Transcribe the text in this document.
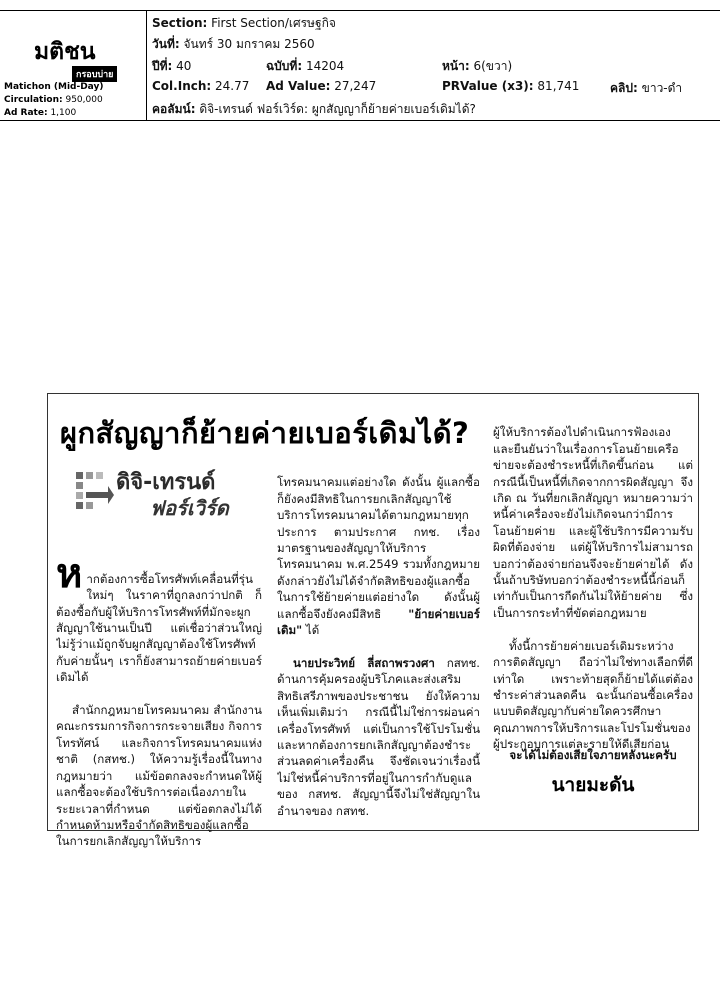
มติชน
กรอบบ่าย
Matichon (Mid-Day)
Circulation: 950,000
Ad Rate: 1,100
Section: First Section/เศรษฐกิจ
วันที่: จันทร์ 30 มกราคม 2560
ปีที่: 40	ฉบับที่: 14204	หน้า: 6(ขวา)
Col.Inch: 24.77 Ad Value: 27,247	PRValue (x3): 81,741	คลิป: ขาว-ดำ
คอลัมน์: ดิจิ-เทรนด์ ฟอร์เวิร์ด: ผูกสัญญาก็ย้ายค่ายเบอร์เดิมได้?
ผูกสัญญาก็ย้ายค่ายเบอร์เดิมได้?
ดิจิ-เทรนด์
ฟอร์เวิร์ด

ห ากต้องการซื้อโทรศัพท์เคลื่อนที่รุ่นใหม่ๆ ในราคาที่ถูกลงกว่าปกติ ก็ต้องซื้อกับผู้ให้บริการโทรศัพท์ที่มักจะผูกสัญญาใช้นานเป็นปี แต่เชื่อว่าส่วนใหญ่ไม่รู้ว่าแม้ถูกจับผูกสัญญาต้องใช้โทรศัพท์กับค่ายนั้นๆ เราก็ยังสามารถย้ายค่ายเบอร์เดิมได้

สำนักกฎหมายโทรคมนาคม สำนักงานคณะกรรมการกิจการกระจายเสียง กิจการโทรทัศน์ และกิจการโทรคมนาคมแห่งชาติ (กสทช.) ให้ความรู้เรื่องนี้ในทางกฎหมายว่า แม้ข้อตกลงจะกำหนดให้ผู้แลกซื้อจะต้องใช้บริการต่อเนื่องภายในระยะเวลาที่กำหนด แต่ข้อตกลงไม่ได้กำหนดห้ามหรือจำกัดสิทธิของผู้แลกซื้อในการยกเลิกสัญญาให้บริการ

โทรคมนาคมแต่อย่างใด ดังนั้น ผู้แลกซื้อก็ยังคงมีสิทธิในการยกเลิกสัญญาใช้บริการโทรคมนาคมได้ตามกฎหมายทุกประการ ตามประกาศ กทช. เรื่องมาตรฐานของสัญญาให้บริการโทรคมนาคม พ.ศ.2549 รวมทั้งกฎหมายดังกล่าวยังไม่ได้จำกัดสิทธิของผู้แลกซื้อในการใช้ย้ายค่ายแต่อย่างใด ดังนั้นผู้แลกซื้อจึงยังคงมีสิทธิ "ย้ายค่ายเบอร์เดิม" ได้

นายประวิทย์ ลี่สถาพรวงศา กสทช. ด้านการคุ้มครองผู้บริโภคและส่งเสริมสิทธิเสรีภาพของประชาชน ยังให้ความเห็นเพิ่มเติมว่า กรณีนี้ไม่ใช่การผ่อนค่าเครื่องโทรศัพท์ แต่เป็นการใช้โปรโมชั่น และหากต้องการยกเลิกสัญญาต้องชำระส่วนลดค่าเครื่องคืน จึงชัดเจนว่าเรื่องนี้ไม่ใช่หนี้ค่าบริการที่อยู่ในการกำกับดูแลของ กสทช. สัญญานี้จึงไม่ใช่สัญญาในอำนาจของ กสทช.

ผู้ให้บริการต้องไปดำเนินการฟ้องเอง และยืนยันว่าในเรื่องการโอนย้ายเครือข่ายจะต้องชำระหนี้ที่เกิดขึ้นก่อน แต่กรณีนี้เป็นหนี้ที่เกิดจากการผิดสัญญา จึงเกิด ณ วันที่ยกเลิกสัญญา หมายความว่าหนี้ค่าเครื่องจะยังไม่เกิดจนกว่ามีการโอนย้ายค่าย และผู้ใช้บริการมีความรับผิดที่ต้องจ่าย แต่ผู้ให้บริการไม่สามารถบอกว่าต้องจ่ายก่อนจึงจะย้ายค่ายได้ ดังนั้นถ้าบริษัทบอกว่าต้องชำระหนี้นี้ก่อนก็เท่ากับเป็นการกีดกันไม่ให้ย้ายค่าย ซึ่งเป็นการกระทำที่ขัดต่อกฎหมาย

ทั้งนี้การย้ายค่ายเบอร์เดิมระหว่างการติดสัญญา ถือว่าไม่ใช่ทางเลือกที่ดีเท่าใด เพราะท้ายสุดก็ย้ายได้แต่ต้องชำระค่าส่วนลดคืน ฉะนั้นก่อนซื้อเครื่องแบบติดสัญญากับค่ายใดควรศึกษาคุณภาพการให้บริการและโปรโมชั่นของผู้ประกอบการแต่ละรายให้ดีเสียก่อน

จะได้ไม่ต้องเสียใจภายหลังนะครับ
นายมะดัน
